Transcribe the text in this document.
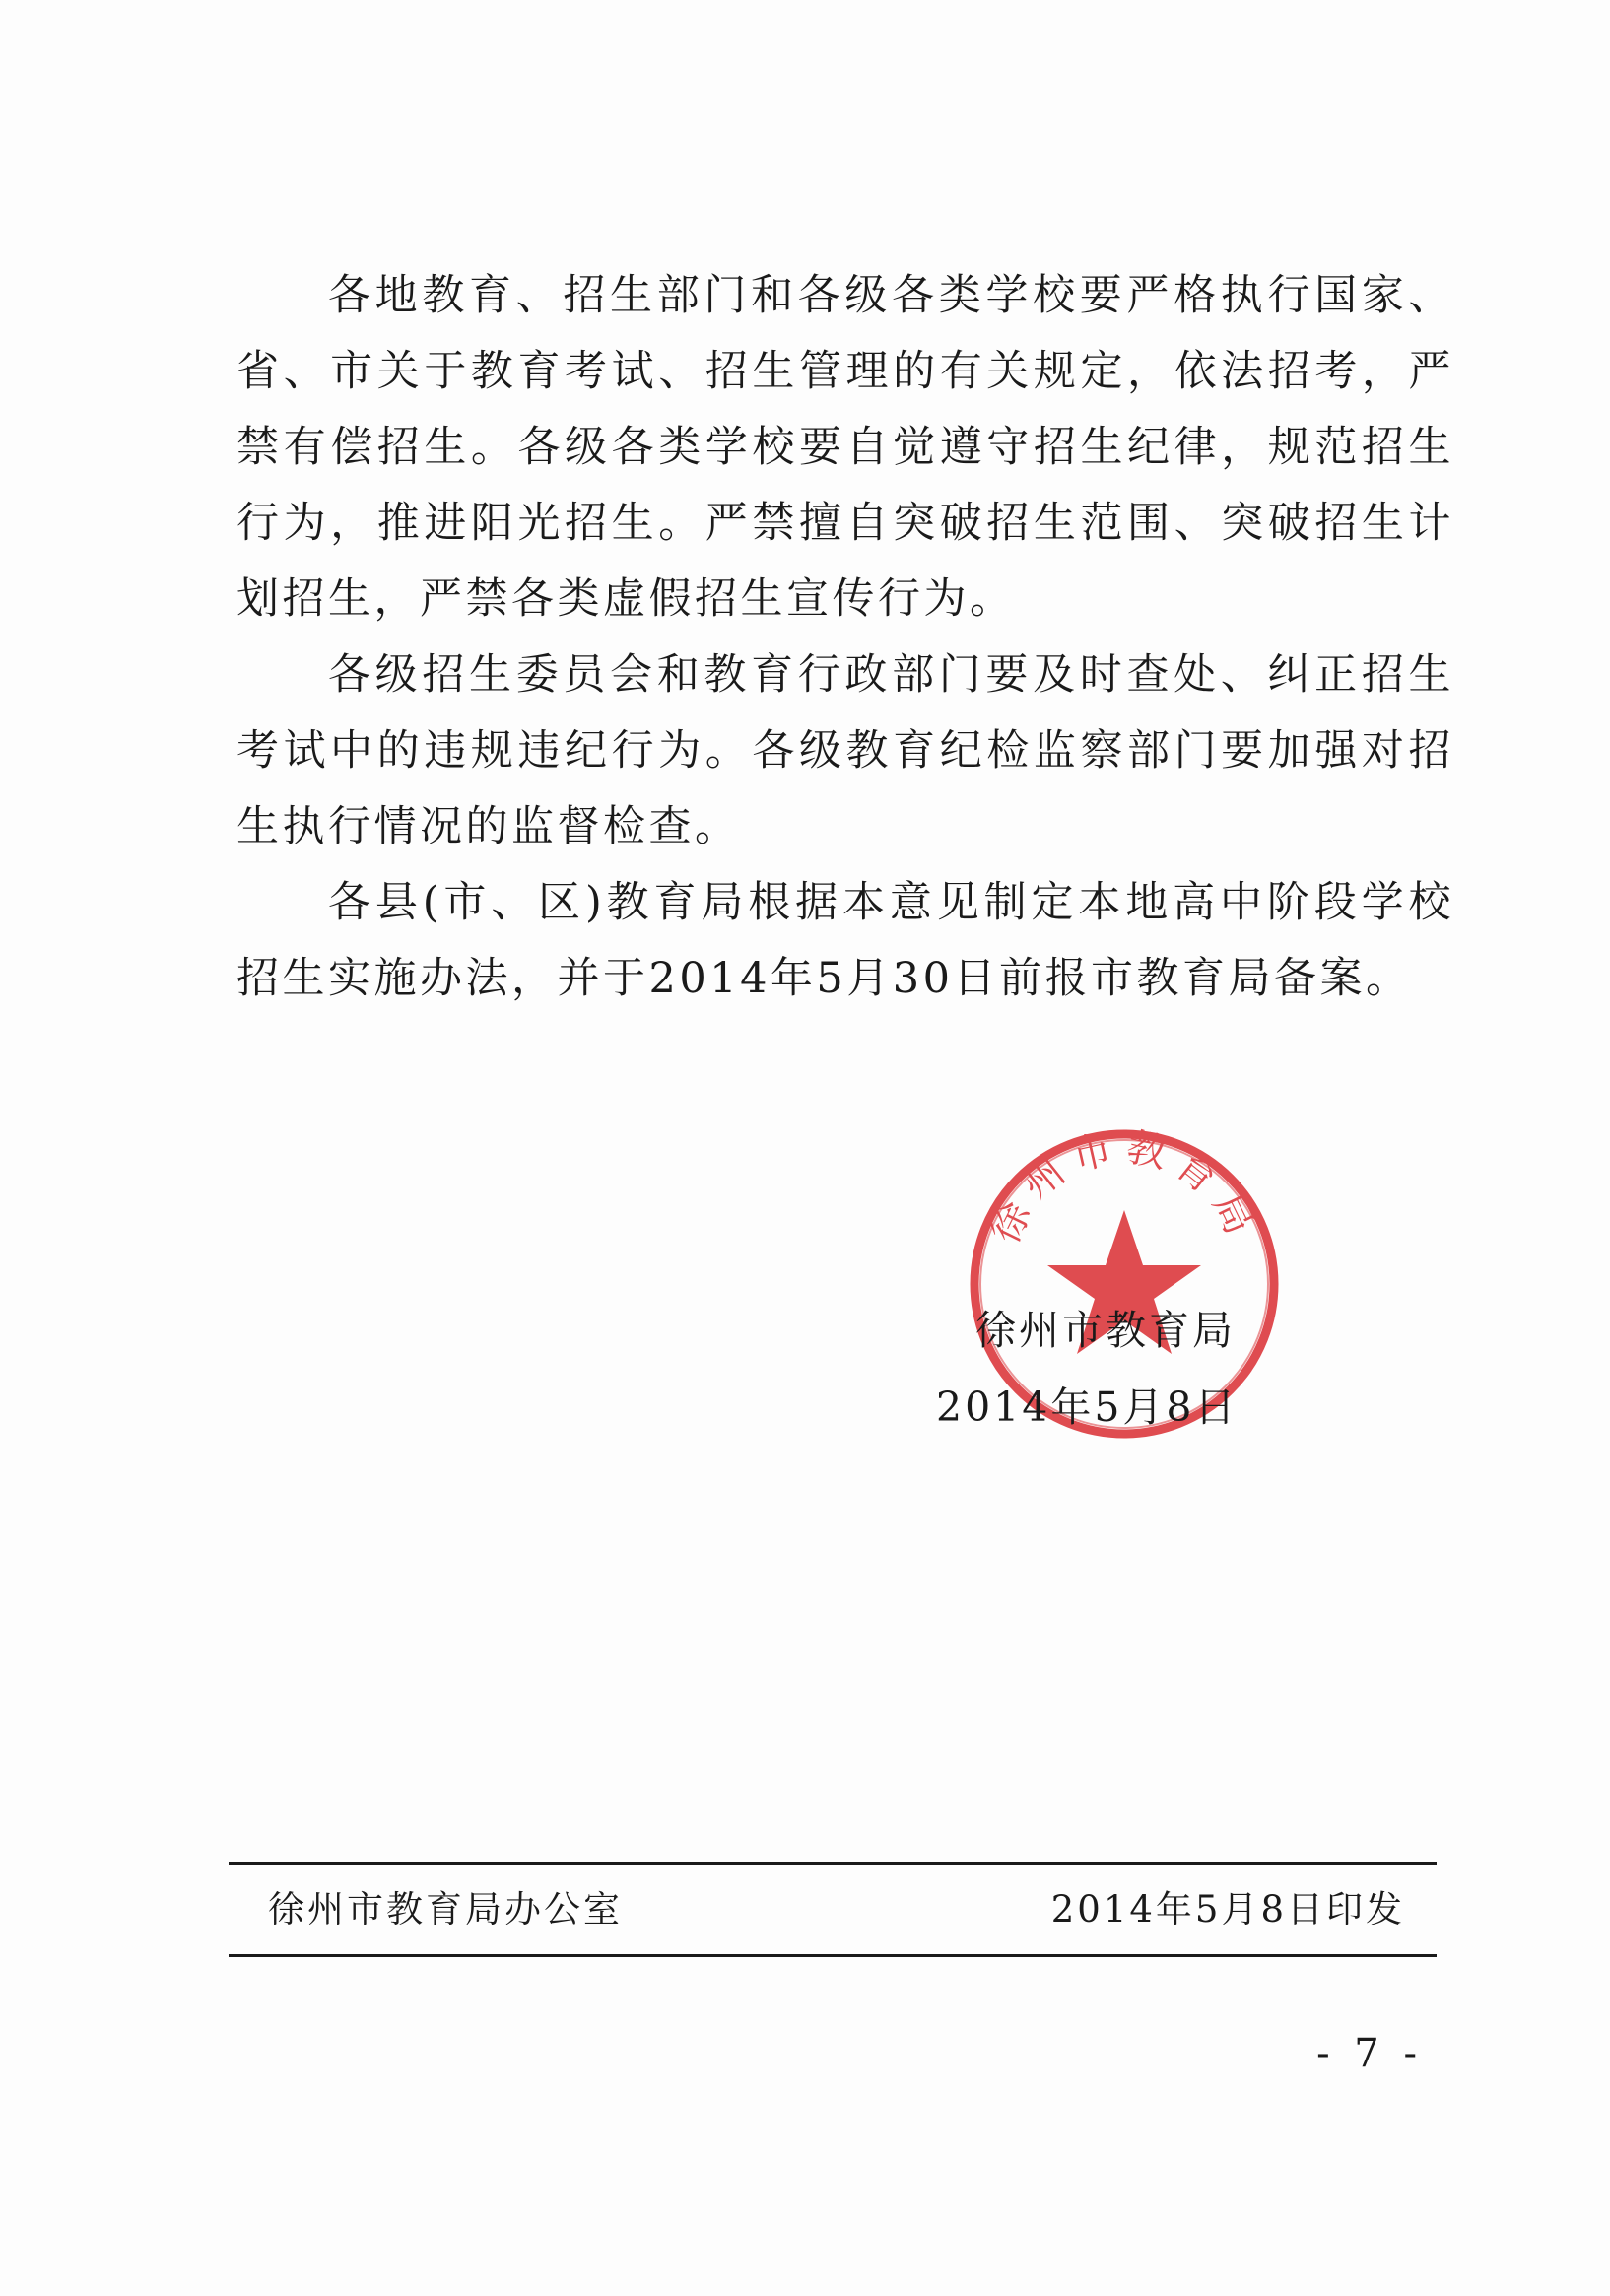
各地教育、招生部门和各级各类学校要严格执行国家、省、市关于教育考试、招生管理的有关规定，依法招考，严禁有偿招生。各级各类学校要自觉遵守招生纪律，规范招生行为，推进阳光招生。严禁擅自突破招生范围、突破招生计划招生，严禁各类虚假招生宣传行为。

各级招生委员会和教育行政部门要及时查处、纠正招生考试中的违规违纪行为。各级教育纪检监察部门要加强对招生执行情况的监督检查。

各县(市、区)教育局根据本意见制定本地高中阶段学校招生实施办法，并于2014年5月30日前报市教育局备案。

徐州市教育局
徐州市教育局
2014年5月8日
徐州市教育局办公室	2014年5月8日印发
- 7 -
